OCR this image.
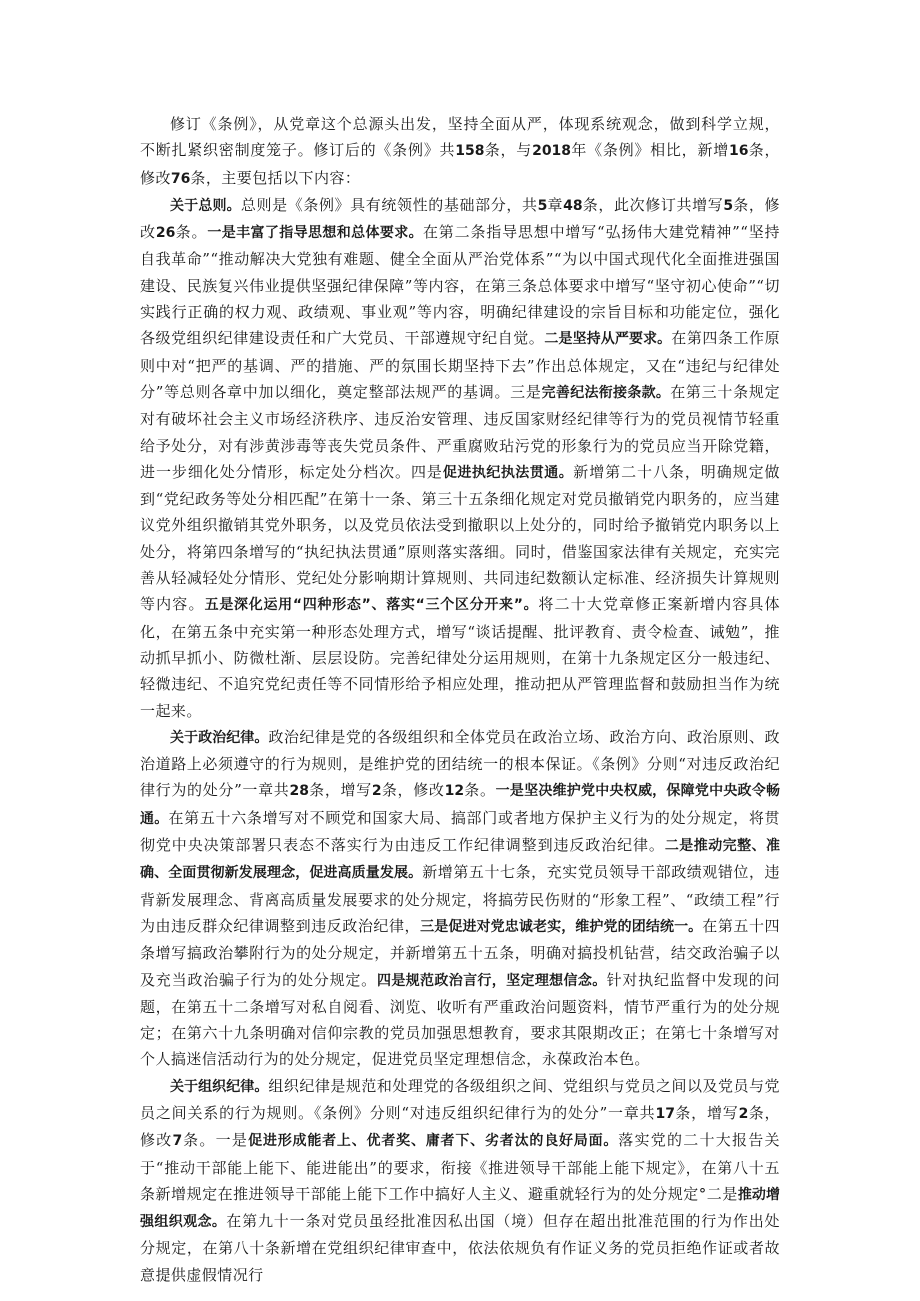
修订《条例》，从党章这个总源头出发，坚持全面从严，体现系统观念，做到科学立规，不断扎紧织密制度笼子。修订后的《条例》共158条，与2018年《条例》相比，新增16条，修改76条，主要包括以下内容：

关于总则。总则是《条例》具有统领性的基础部分，共5章48条，此次修订共增写5条，修改26条。一是丰富了指导思想和总体要求。在第二条指导思想中增写“弘扬伟大建党精神”“坚持自我革命”“推动解决大党独有难题、健全全面从严治党体系”“为以中国式现代化全面推进强国建设、民族复兴伟业提供坚强纪律保障”等内容，在第三条总体要求中增写“坚守初心使命”“切实践行正确的权力观、政绩观、事业观”等内容，明确纪律建设的宗旨目标和功能定位，强化各级党组织纪律建设责任和广大党员、干部遵规守纪自觉。二是坚持从严要求。在第四条工作原则中对“把严的基调、严的措施、严的氛围长期坚持下去”作出总体规定，又在“违纪与纪律处分”等总则各章中加以细化，奠定整部法规严的基调。三是完善纪法衔接条款。在第三十条规定对有破坏社会主义市场经济秩序、违反治安管理、违反国家财经纪律等行为的党员视情节轻重给予处分，对有涉黄涉毒等丧失党员条件、严重腐败玷污党的形象行为的党员应当开除党籍，进一步细化处分情形，标定处分档次。四是促进执纪执法贯通。新增第二十八条，明确规定做到“党纪政务等处分相匹配”在第十一条、第三十五条细化规定对党员撤销党内职务的，应当建议党外组织撤销其党外职务，以及党员依法受到撤职以上处分的，同时给予撤销党内职务以上处分，将第四条增写的“执纪执法贯通”原则落实落细。同时，借鉴国家法律有关规定，充实完善从轻减轻处分情形、党纪处分影响期计算规则、共同违纪数额认定标准、经济损失计算规则等内容。五是深化运用“四种形态”、落实“三个区分开来”。将二十大党章修正案新增内容具体化，在第五条中充实第一种形态处理方式，增写“谈话提醒、批评教育、责令检查、诫勉”，推动抓早抓小、防微杜渐、层层设防。完善纪律处分运用规则，在第十九条规定区分一般违纪、轻微违纪、不追究党纪责任等不同情形给予相应处理，推动把从严管理监督和鼓励担当作为统一起来。

关于政治纪律。政治纪律是党的各级组织和全体党员在政治立场、政治方向、政治原则、政治道路上必须遵守的行为规则，是维护党的团结统一的根本保证。《条例》分则“对违反政治纪律行为的处分”一章共28条，增写2条，修改12条。一是坚决维护党中央权威，保障党中央政令畅通。在第五十六条增写对不顾党和国家大局、搞部门或者地方保护主义行为的处分规定，将贯彻党中央决策部署只表态不落实行为由违反工作纪律调整到违反政治纪律。二是推动完整、准确、全面贯彻新发展理念，促进高质量发展。新增第五十七条，充实党员领导干部政绩观错位，违背新发展理念、背离高质量发展要求的处分规定，将搞劳民伤财的“形象工程”、“政绩工程”行为由违反群众纪律调整到违反政治纪律，三是促进对党忠诚老实，维护党的团结统一。在第五十四条增写搞政治攀附行为的处分规定，并新增第五十五条，明确对搞投机钻营，结交政治骗子以及充当政治骗子行为的处分规定。四是规范政治言行，坚定理想信念。针对执纪监督中发现的问题，在第五十二条增写对私自阅看、浏览、收听有严重政治问题资料，情节严重行为的处分规定；在第六十九条明确对信仰宗教的党员加强思想教育，要求其限期改正；在第七十条增写对个人搞迷信活动行为的处分规定，促进党员坚定理想信念，永葆政治本色。

关于组织纪律。组织纪律是规范和处理党的各级组织之间、党组织与党员之间以及党员与党员之间关系的行为规则。《条例》分则“对违反组织纪律行为的处分”一章共17条，增写2条，修改7条。一是促进形成能者上、优者奖、庸者下、劣者汰的良好局面。落实党的二十大报告关于“推动干部能上能下、能进能出”的要求，衔接《推进领导干部能上能下规定》，在第八十五条新增规定在推进领导干部能上能下工作中搞好人主义、避重就轻行为的处分规定°二是推动增强组织观念。在第九十一条对党员虽经批准因私出国（境）但存在超出批准范围的行为作出处分规定，在第八十条新增在党组织纪律审查中，依法依规负有作证义务的党员拒绝作证或者故意提供虚假情况行
